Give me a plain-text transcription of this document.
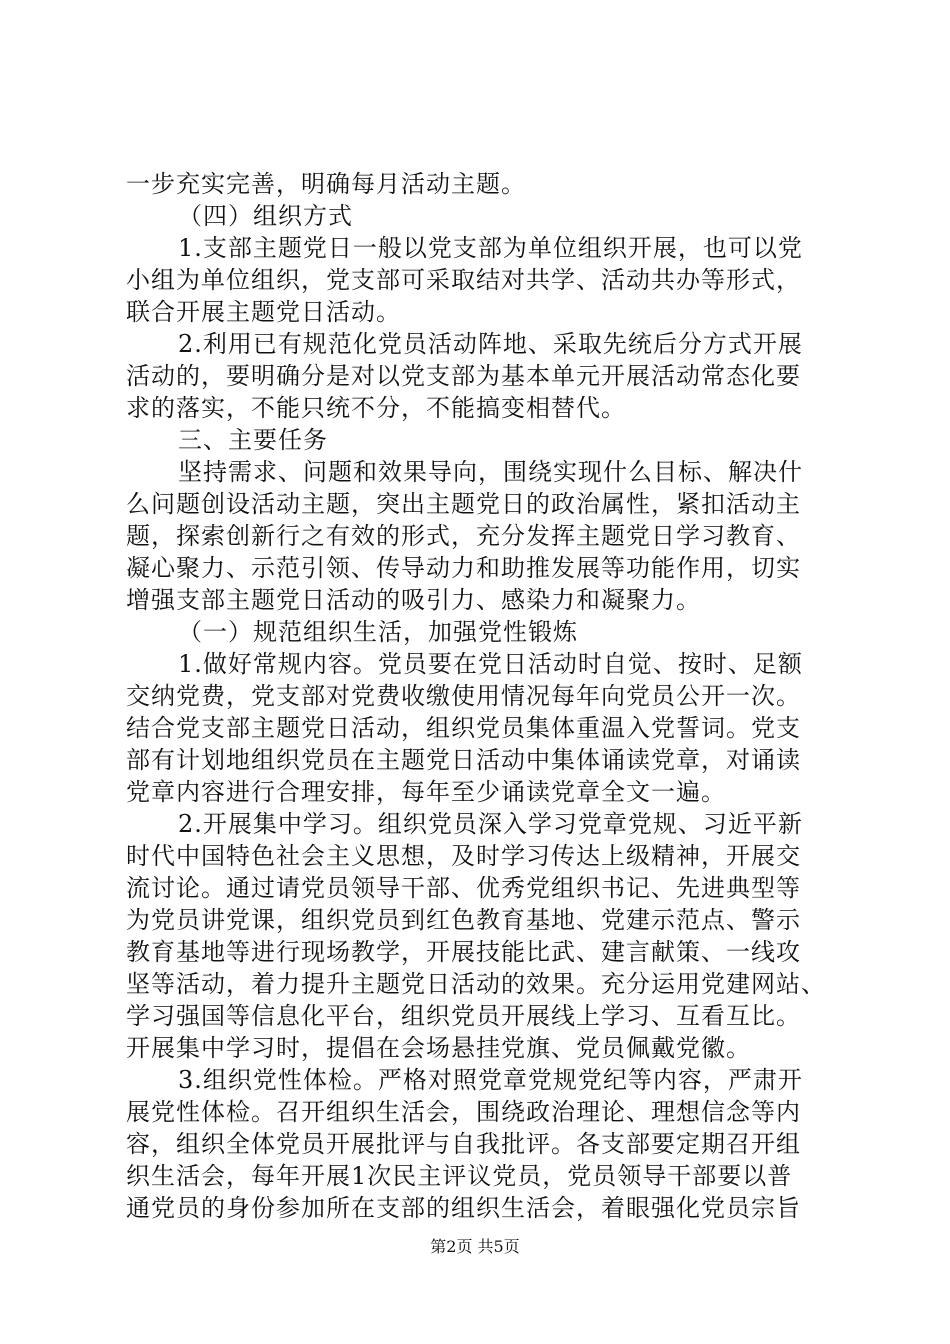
一步充实完善，明确每月活动主题。
（四）组织方式
1.支部主题党日一般以党支部为单位组织开展，也可以党
小组为单位组织，党支部可采取结对共学、活动共办等形式，
联合开展主题党日活动。
2.利用已有规范化党员活动阵地、采取先统后分方式开展
活动的，要明确分是对以党支部为基本单元开展活动常态化要
求的落实，不能只统不分，不能搞变相替代。
三、主要任务
坚持需求、问题和效果导向，围绕实现什么目标、解决什
么问题创设活动主题，突出主题党日的政治属性，紧扣活动主
题，探索创新行之有效的形式，充分发挥主题党日学习教育、
凝心聚力、示范引领、传导动力和助推发展等功能作用，切实
增强支部主题党日活动的吸引力、感染力和凝聚力。
（一）规范组织生活，加强党性锻炼
1.做好常规内容。党员要在党日活动时自觉、按时、足额
交纳党费，党支部对党费收缴使用情况每年向党员公开一次。
结合党支部主题党日活动，组织党员集体重温入党誓词。党支
部有计划地组织党员在主题党日活动中集体诵读党章，对诵读
党章内容进行合理安排，每年至少诵读党章全文一遍。
2.开展集中学习。组织党员深入学习党章党规、习近平新
时代中国特色社会主义思想，及时学习传达上级精神，开展交
流讨论。通过请党员领导干部、优秀党组织书记、先进典型等
为党员讲党课，组织党员到红色教育基地、党建示范点、警示
教育基地等进行现场教学，开展技能比武、建言献策、一线攻
坚等活动，着力提升主题党日活动的效果。充分运用党建网站、
学习强国等信息化平台，组织党员开展线上学习、互看互比。
开展集中学习时，提倡在会场悬挂党旗、党员佩戴党徽。
3.组织党性体检。严格对照党章党规党纪等内容，严肃开
展党性体检。召开组织生活会，围绕政治理论、理想信念等内
容，组织全体党员开展批评与自我批评。各支部要定期召开组
织生活会，每年开展1次民主评议党员，党员领导干部要以普
通党员的身份参加所在支部的组织生活会，着眼强化党员宗旨
第2页 共5页
